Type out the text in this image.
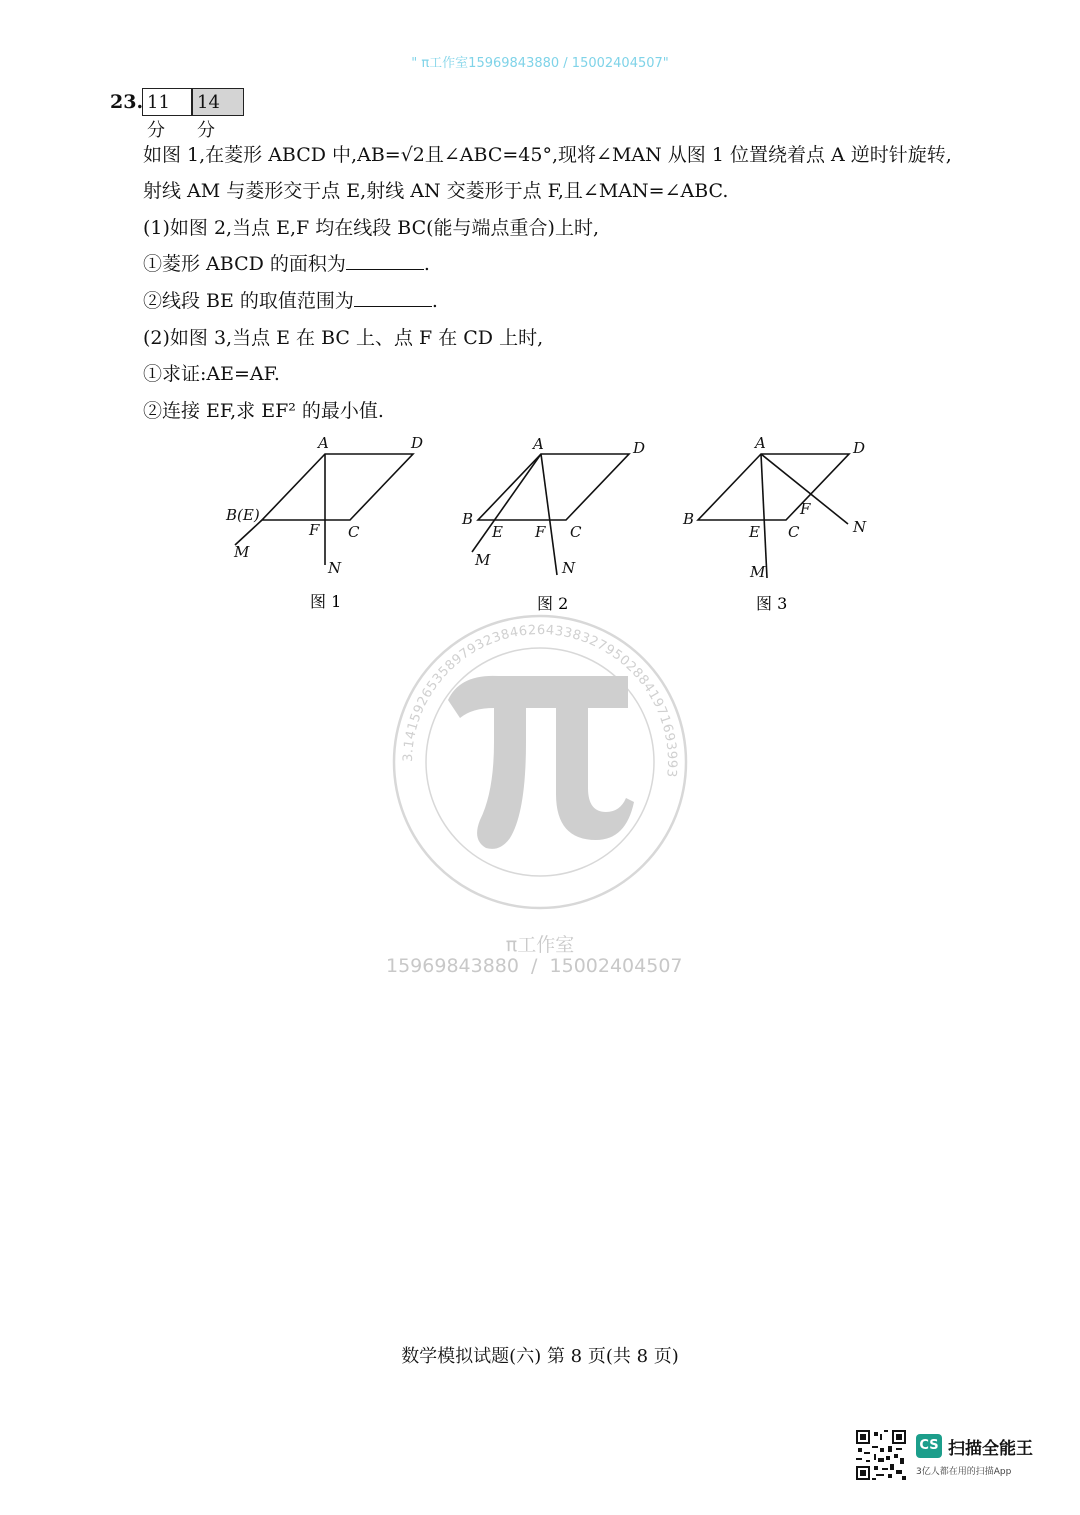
" π工作室15969843880 / 15002404507"
23. 11 分
14 分
如图 1,在菱形 ABCD 中,AB=√2且∠ABC=45°,现将∠MAN 从图 1 位置绕着点 A 逆时针旋转,
射线 AM 与菱形交于点 E,射线 AN 交菱形于点 F,且∠MAN=∠ABC.
(1)如图 2,当点 E,F 均在线段 BC(能与端点重合)上时,
①菱形 ABCD 的面积为	.
②线段 BE 的取值范围为	.
(2)如图 3,当点 E 在 BC 上、点 F 在 CD 上时,
①求证:AE=AF.
②连接 EF,求 EF² 的最小值.
A	D
B(E)
F C
M
N
图 1
A	D
B
E F C
M	N
图 2
A	D
B
E C
F
N
M
图 3
3.1415926535897932384626433832795028841971693993
π工作室
15969843880  /  15002404507
数学模拟试题(六) 第 8 页(共 8 页)
CS 扫描全能王
3亿人都在用的扫描App
